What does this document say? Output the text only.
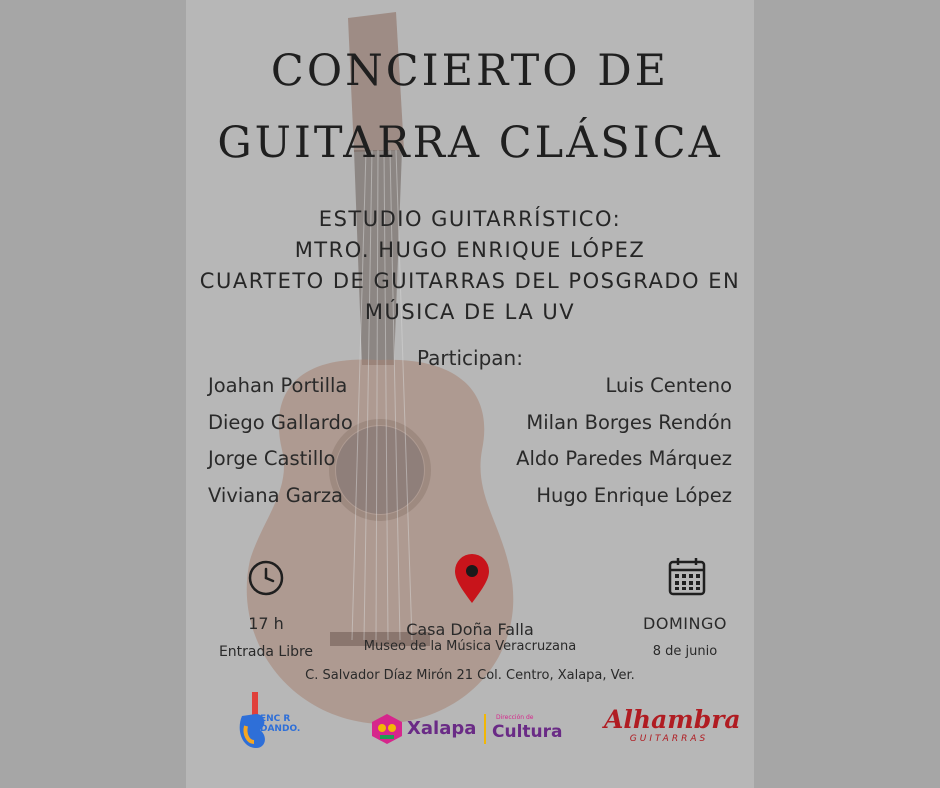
CONCIERTO DE
GUITARRA CLÁSICA
ESTUDIO GUITARRÍSTICO:
MTRO. HUGO ENRIQUE LÓPEZ
CUARTETO DE GUITARRAS DEL POSGRADO EN
MÚSICA DE LA UV
Participan:
Joahan Portilla
Diego Gallardo
Jorge Castillo
Viviana Garza
Luis Centeno
Milan Borges Rendón
Aldo Paredes Márquez
Hugo Enrique López
17 h
Entrada Libre
Casa Doña Falla
Museo de la Música Veracruzana
DOMINGO
8 de junio
C. Salvador Díaz Mirón 21 Col. Centro, Xalapa, Ver.
ENC R
DANDO.	Xalapa
Dirección de
Cultura Alhambra
GUITARRAS
